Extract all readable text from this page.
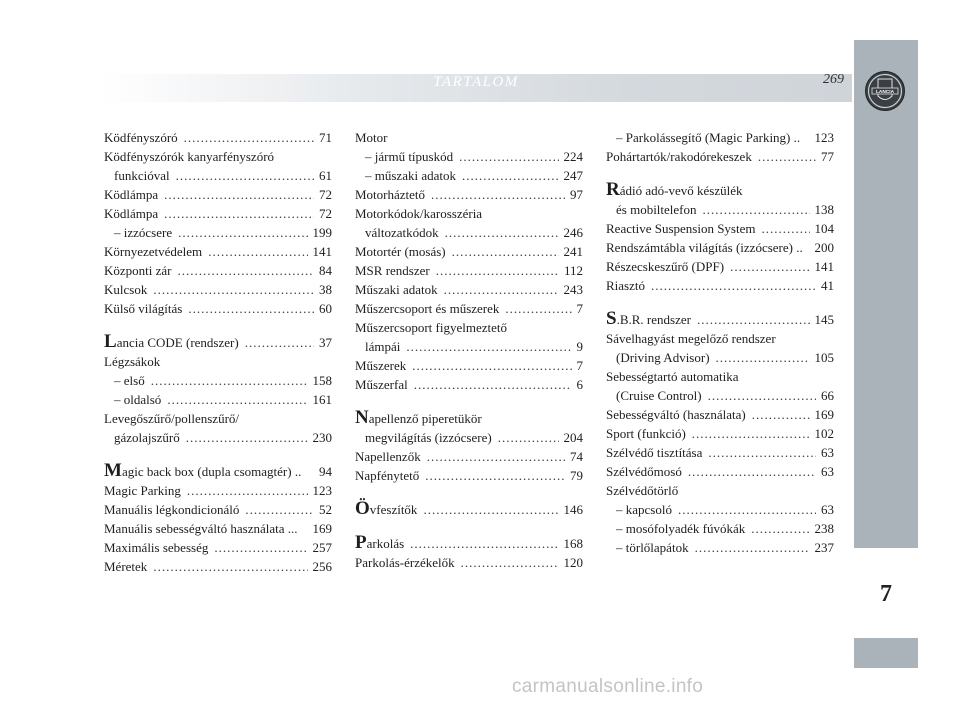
TARTALOM	269
LANCIA
7
Ködfényszóró .....	71
Ködfényszórók kanyarfényszóró
funkcióval .....	61
Ködlámpa .....	72
Ködlámpa .....	72
– izzócsere .....	199
Környezetvédelem .....	141
Központi zár .....	84
Kulcsok .....	38
Külső világítás .....	60
Lancia CODE (rendszer) .....	37
Légzsákok
– első .....	158
– oldalsó .....	161
Levegőszűrő/pollenszűrő/
gázolajszűrő .....	230
Magic back box (dupla csomagtér) .. 94
Magic Parking .....	123
Manuális légkondicionáló .....	52
Manuális sebességváltó használata ... 169
Maximális sebesség .....	257
Méretek .....	256
Motor
– jármű típuskód .....	224
– műszaki adatok .....	247
Motorháztető .....	97
Motorkódok/karosszéria
változatkódok .....	246
Motortér (mosás) .....	241
MSR rendszer .....	112
Műszaki adatok .....	243
Műszercsoport és műszerek .....	7
Műszercsoport figyelmeztető
lámpái .....	9
Műszerek .....	7
Műszerfal .....	6
Napellenző piperetükör
megvilágítás (izzócsere) .....	204
Napellenzők .....	74
Napfénytető .....	79
Övfeszítők .....	146
Parkolás .....	168
Parkolás-érzékelők .....	120
– Parkolássegítő (Magic Parking) .. 123
Pohártartók/rakodórekeszek .....	77
Rádió adó-vevő készülék
és mobiltelefon .....	138
Reactive Suspension System .....	104
Rendszámtábla világítás (izzócsere) .. 200
Részecskeszűrő (DPF) .....	141
Riasztó .....	41
S.B.R. rendszer .....	145
Sávelhagyást megelőző rendszer
(Driving Advisor) .....	105
Sebességtartó automatika
(Cruise Control) .....	66
Sebességváltó (használata) .....	169
Sport (funkció) .....	102
Szélvédő tisztítása .....	63
Szélvédőmosó .....	63
Szélvédőtörlő
– kapcsoló .....	63
– mosófolyadék fúvókák .....	238
– törlőlapátok .....	237
carmanualsonline.info
